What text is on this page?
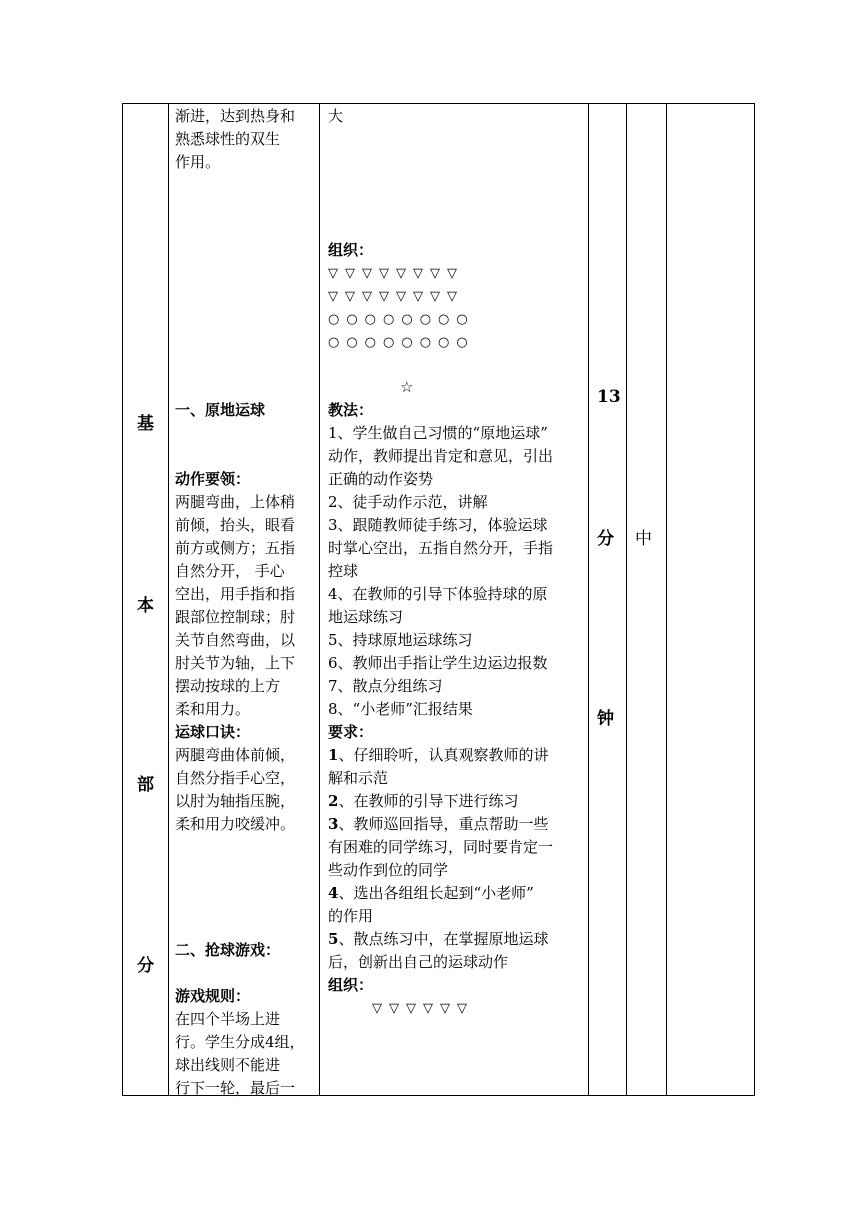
基
本
部
分
渐进，达到热身和
熟悉球性的双生
作用。
一、原地运球
动作要领：
两腿弯曲，上体稍
前倾，抬头，眼看
前方或侧方；五指
自然分开， 手心
空出，用手指和指
跟部位控制球；肘
关节自然弯曲，以
肘关节为轴，上下
摆动按球的上方
柔和用力。
运球口诀：
两腿弯曲体前倾，
自然分指手心空，
以肘为轴指压腕，
柔和用力咬缓冲。
二、抢球游戏：
游戏规则：
在四个半场上进
行。学生分成4组，
球出线则不能进
行下一轮，最后一
大
组织：
▽▽▽▽▽▽▽▽
▽▽▽▽▽▽▽▽
○○○○○○○○
○○○○○○○○
☆
教法：
1、学生做自己习惯的“原地运球”
动作，教师提出肯定和意见，引出
正确的动作姿势
2、徒手动作示范，讲解
3、跟随教师徒手练习，体验运球
时掌心空出，五指自然分开，手指
控球
4、在教师的引导下体验持球的原
地运球练习
5、持球原地运球练习
6、教师出手指让学生边运边报数
7、散点分组练习
8、“小老师”汇报结果
要求：
1、仔细聆听，认真观察教师的讲
解和示范
2、在教师的引导下进行练习
3、教师巡回指导，重点帮助一些
有困难的同学练习，同时要肯定一
些动作到位的同学
4、选出各组组长起到“小老师”
的作用
5、散点练习中，在掌握原地运球
后，创新出自己的运球动作
组织：
▽▽▽▽▽▽
13
分
钟
中
